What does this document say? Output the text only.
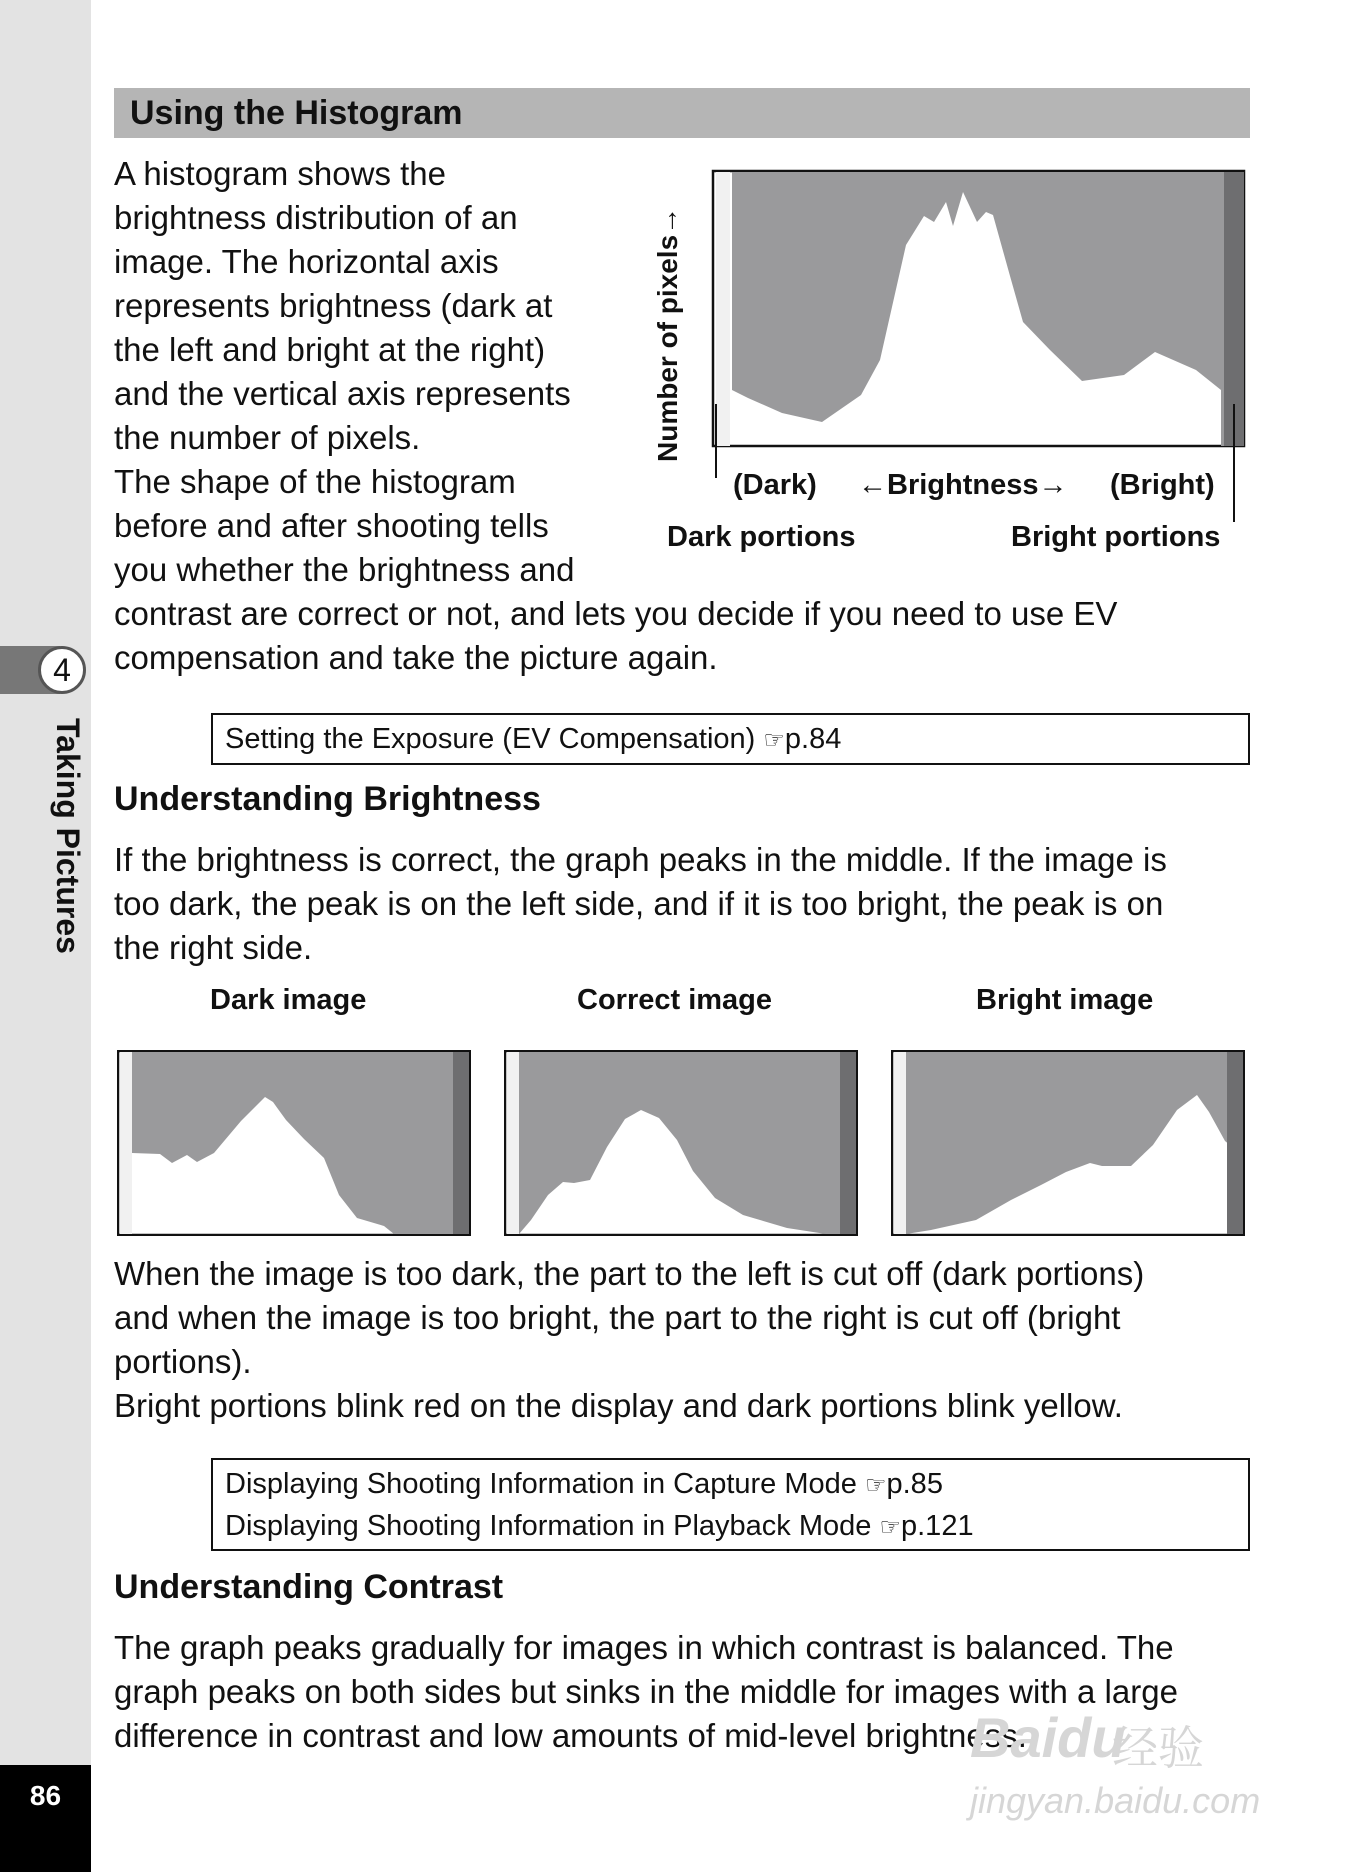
4
Taking Pictures
86
Using the Histogram
A histogram shows the
brightness distribution of an
image. The horizontal axis
represents brightness (dark at
the left and bright at the right)
and the vertical axis represents
the number of pixels.
The shape of the histogram
before and after shooting tells
you whether the brightness and
contrast are correct or not, and lets you decide if you need to use EV
compensation and take the picture again.
Number of pixels→
(Dark) ←Brightness→ (Bright)
Dark portions	Bright portions
Setting the Exposure (EV Compensation) ☞p.84
Understanding Brightness
If the brightness is correct, the graph peaks in the middle. If the image is
too dark, the peak is on the left side, and if it is too bright, the peak is on
the right side.
Dark image	Correct image	Bright image
When the image is too dark, the part to the left is cut off (dark portions)
and when the image is too bright, the part to the right is cut off (bright
portions).
Bright portions blink red on the display and dark portions blink yellow.
Displaying Shooting Information in Capture Mode ☞p.85
Displaying Shooting Information in Playback Mode ☞p.121
Understanding Contrast
The graph peaks gradually for images in which contrast is balanced. The
graph peaks on both sides but sinks in the middle for images with a large
difference in contrast and low amounts of mid-level brightness.
Baidu
经验
jingyan.baidu.com
